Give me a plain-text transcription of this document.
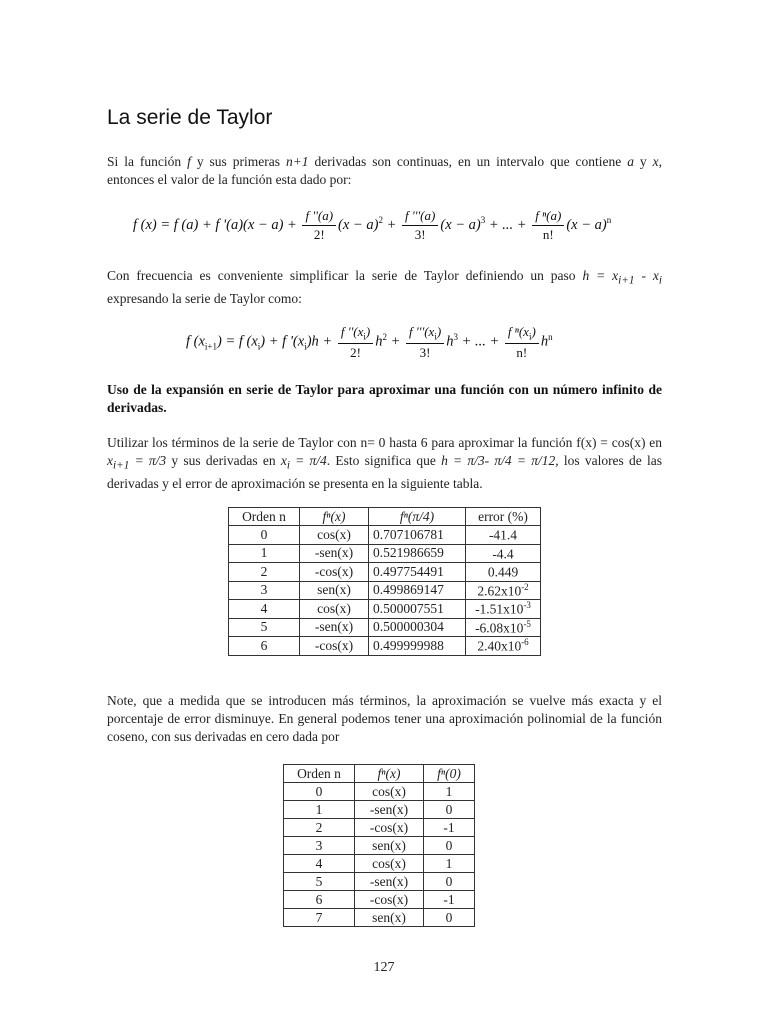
La serie de Taylor

Si la función f y sus primeras n+1 derivadas son continuas, en un intervalo que contiene a y x, entonces el valor de la función esta dado por:

f (x) = f (a) + f '$(a)(x - a) + \frac{f ''(a)}{2!} (x - a)^2 + \frac{f '''(a)}{3!} (x - a)^3$ + ... + $\frac{\text{f ⁿ(a)}}{n!} (x - a)^n$

Con frecuencia es conveniente simplificar la serie de Taylor definiendo un paso $h = x_{i+1} - x_i$ expresando la serie de Taylor como:

f $(x_{i+1}) = f$ $(x_i) + f$ '$(x_i)h + \frac{f ''(x_i)}{2!} h^2 + \frac{f '''(x_i)}{3!} h^3$ + ... + $\frac{f ^n(x_i)}{n!} h^n$

Uso de la expansión en serie de Taylor para aproximar una función con un número infinito de derivadas.

Utilizar los términos de la serie de Taylor con n= 0 hasta 6 para aproximar la función f(x) = cos(x) en $x_{i+1} = \pi/3$ y sus derivadas en $x_i = \pi/4$. Esto significa que h = π/3- π/4 = π/12, los valores de las derivadas y el error de aproximación se presenta en la siguiente tabla.

Orden n	fⁿ(x)	fⁿ(π/4)	error (%)
0	cos(x)	0.707106781	-41.4
1	-sen(x)	0.521986659	-4.4
2	-cos(x)	0.497754491	0.449
3	sen(x)	0.499869147	$2.62x10^{-2}$
4	cos(x)	0.500007551	$-1.51x10^{-3}$
5	-sen(x)	0.500000304	$-6.08x10^{-5}$
6	-cos(x)	0.499999988	$2.40x10^{-6}$

Note, que a medida que se introducen más términos, la aproximación se vuelve más exacta y el porcentaje de error disminuye. En general podemos tener una aproximación polinomial de la función coseno, con sus derivadas en cero dada por

Orden n	fⁿ(x)	fⁿ(0)
0	cos(x)	1
1	-sen(x)	0
2	-cos(x)	-1
3	sen(x)	0
4	cos(x)	1
5	-sen(x)	0
6	-cos(x)	-1
7	sen(x)	0
127
